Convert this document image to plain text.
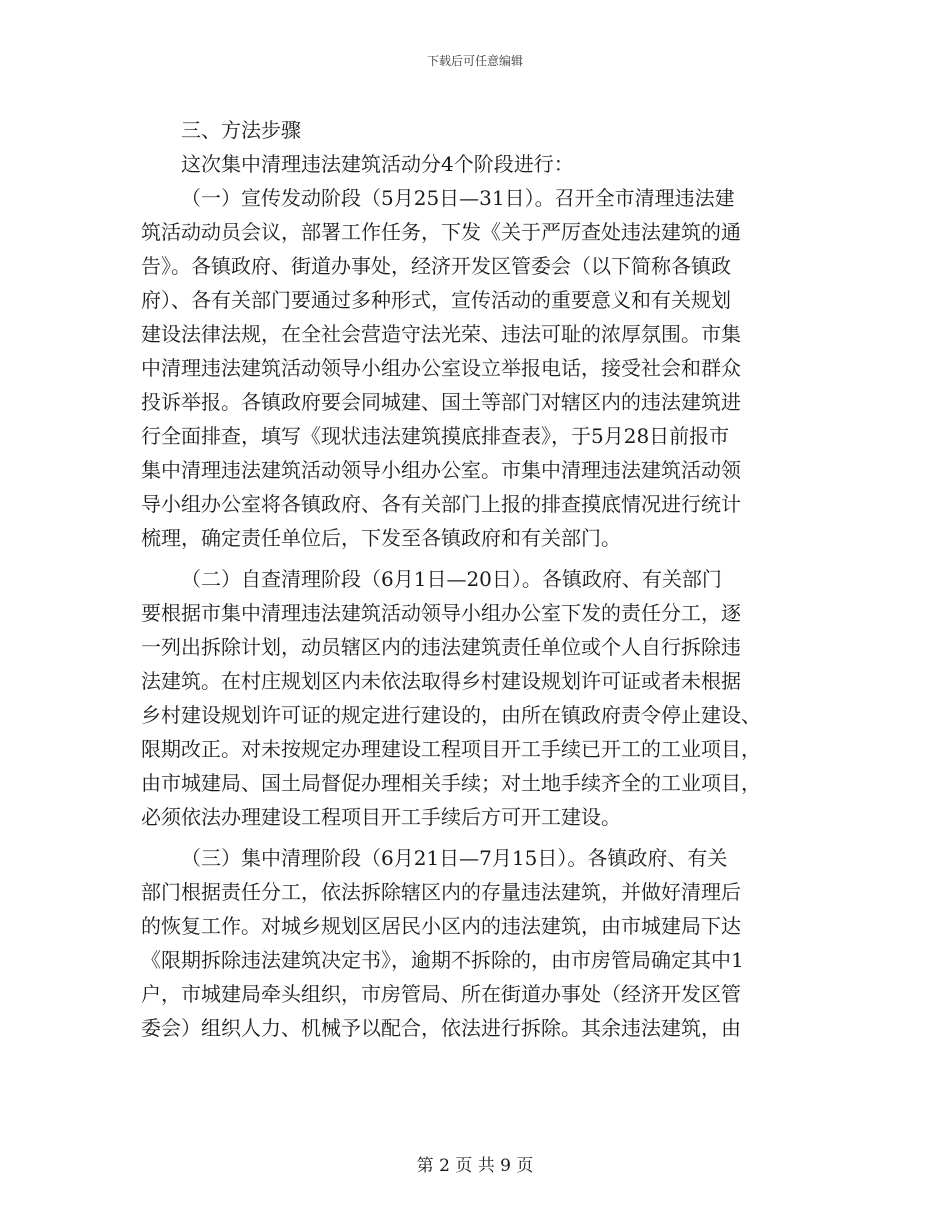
下载后可任意编辑
三、方法步骤
这次集中清理违法建筑活动分4个阶段进行：
（一）宣传发动阶段（5月25日—31日）。召开全市清理违法建
筑活动动员会议，部署工作任务，下发《关于严厉查处违法建筑的通
告》。各镇政府、街道办事处，经济开发区管委会（以下简称各镇政
府）、各有关部门要通过多种形式，宣传活动的重要意义和有关规划
建设法律法规，在全社会营造守法光荣、违法可耻的浓厚氛围。市集
中清理违法建筑活动领导小组办公室设立举报电话，接受社会和群众
投诉举报。各镇政府要会同城建、国土等部门对辖区内的违法建筑进
行全面排查，填写《现状违法建筑摸底排查表》，于5月28日前报市
集中清理违法建筑活动领导小组办公室。市集中清理违法建筑活动领
导小组办公室将各镇政府、各有关部门上报的排查摸底情况进行统计
梳理，确定责任单位后，下发至各镇政府和有关部门。
（二）自查清理阶段（6月1日—20日）。各镇政府、有关部门
要根据市集中清理违法建筑活动领导小组办公室下发的责任分工，逐
一列出拆除计划，动员辖区内的违法建筑责任单位或个人自行拆除违
法建筑。在村庄规划区内未依法取得乡村建设规划许可证或者未根据
乡村建设规划许可证的规定进行建设的，由所在镇政府责令停止建设、
限期改正。对未按规定办理建设工程项目开工手续已开工的工业项目，
由市城建局、国土局督促办理相关手续；对土地手续齐全的工业项目，
必须依法办理建设工程项目开工手续后方可开工建设。
（三）集中清理阶段（6月21日—7月15日）。各镇政府、有关
部门根据责任分工，依法拆除辖区内的存量违法建筑，并做好清理后
的恢复工作。对城乡规划区居民小区内的违法建筑，由市城建局下达
《限期拆除违法建筑决定书》，逾期不拆除的，由市房管局确定其中1
户，市城建局牵头组织，市房管局、所在街道办事处（经济开发区管
委会）组织人力、机械予以配合，依法进行拆除。其余违法建筑，由
第 2 页 共 9 页
